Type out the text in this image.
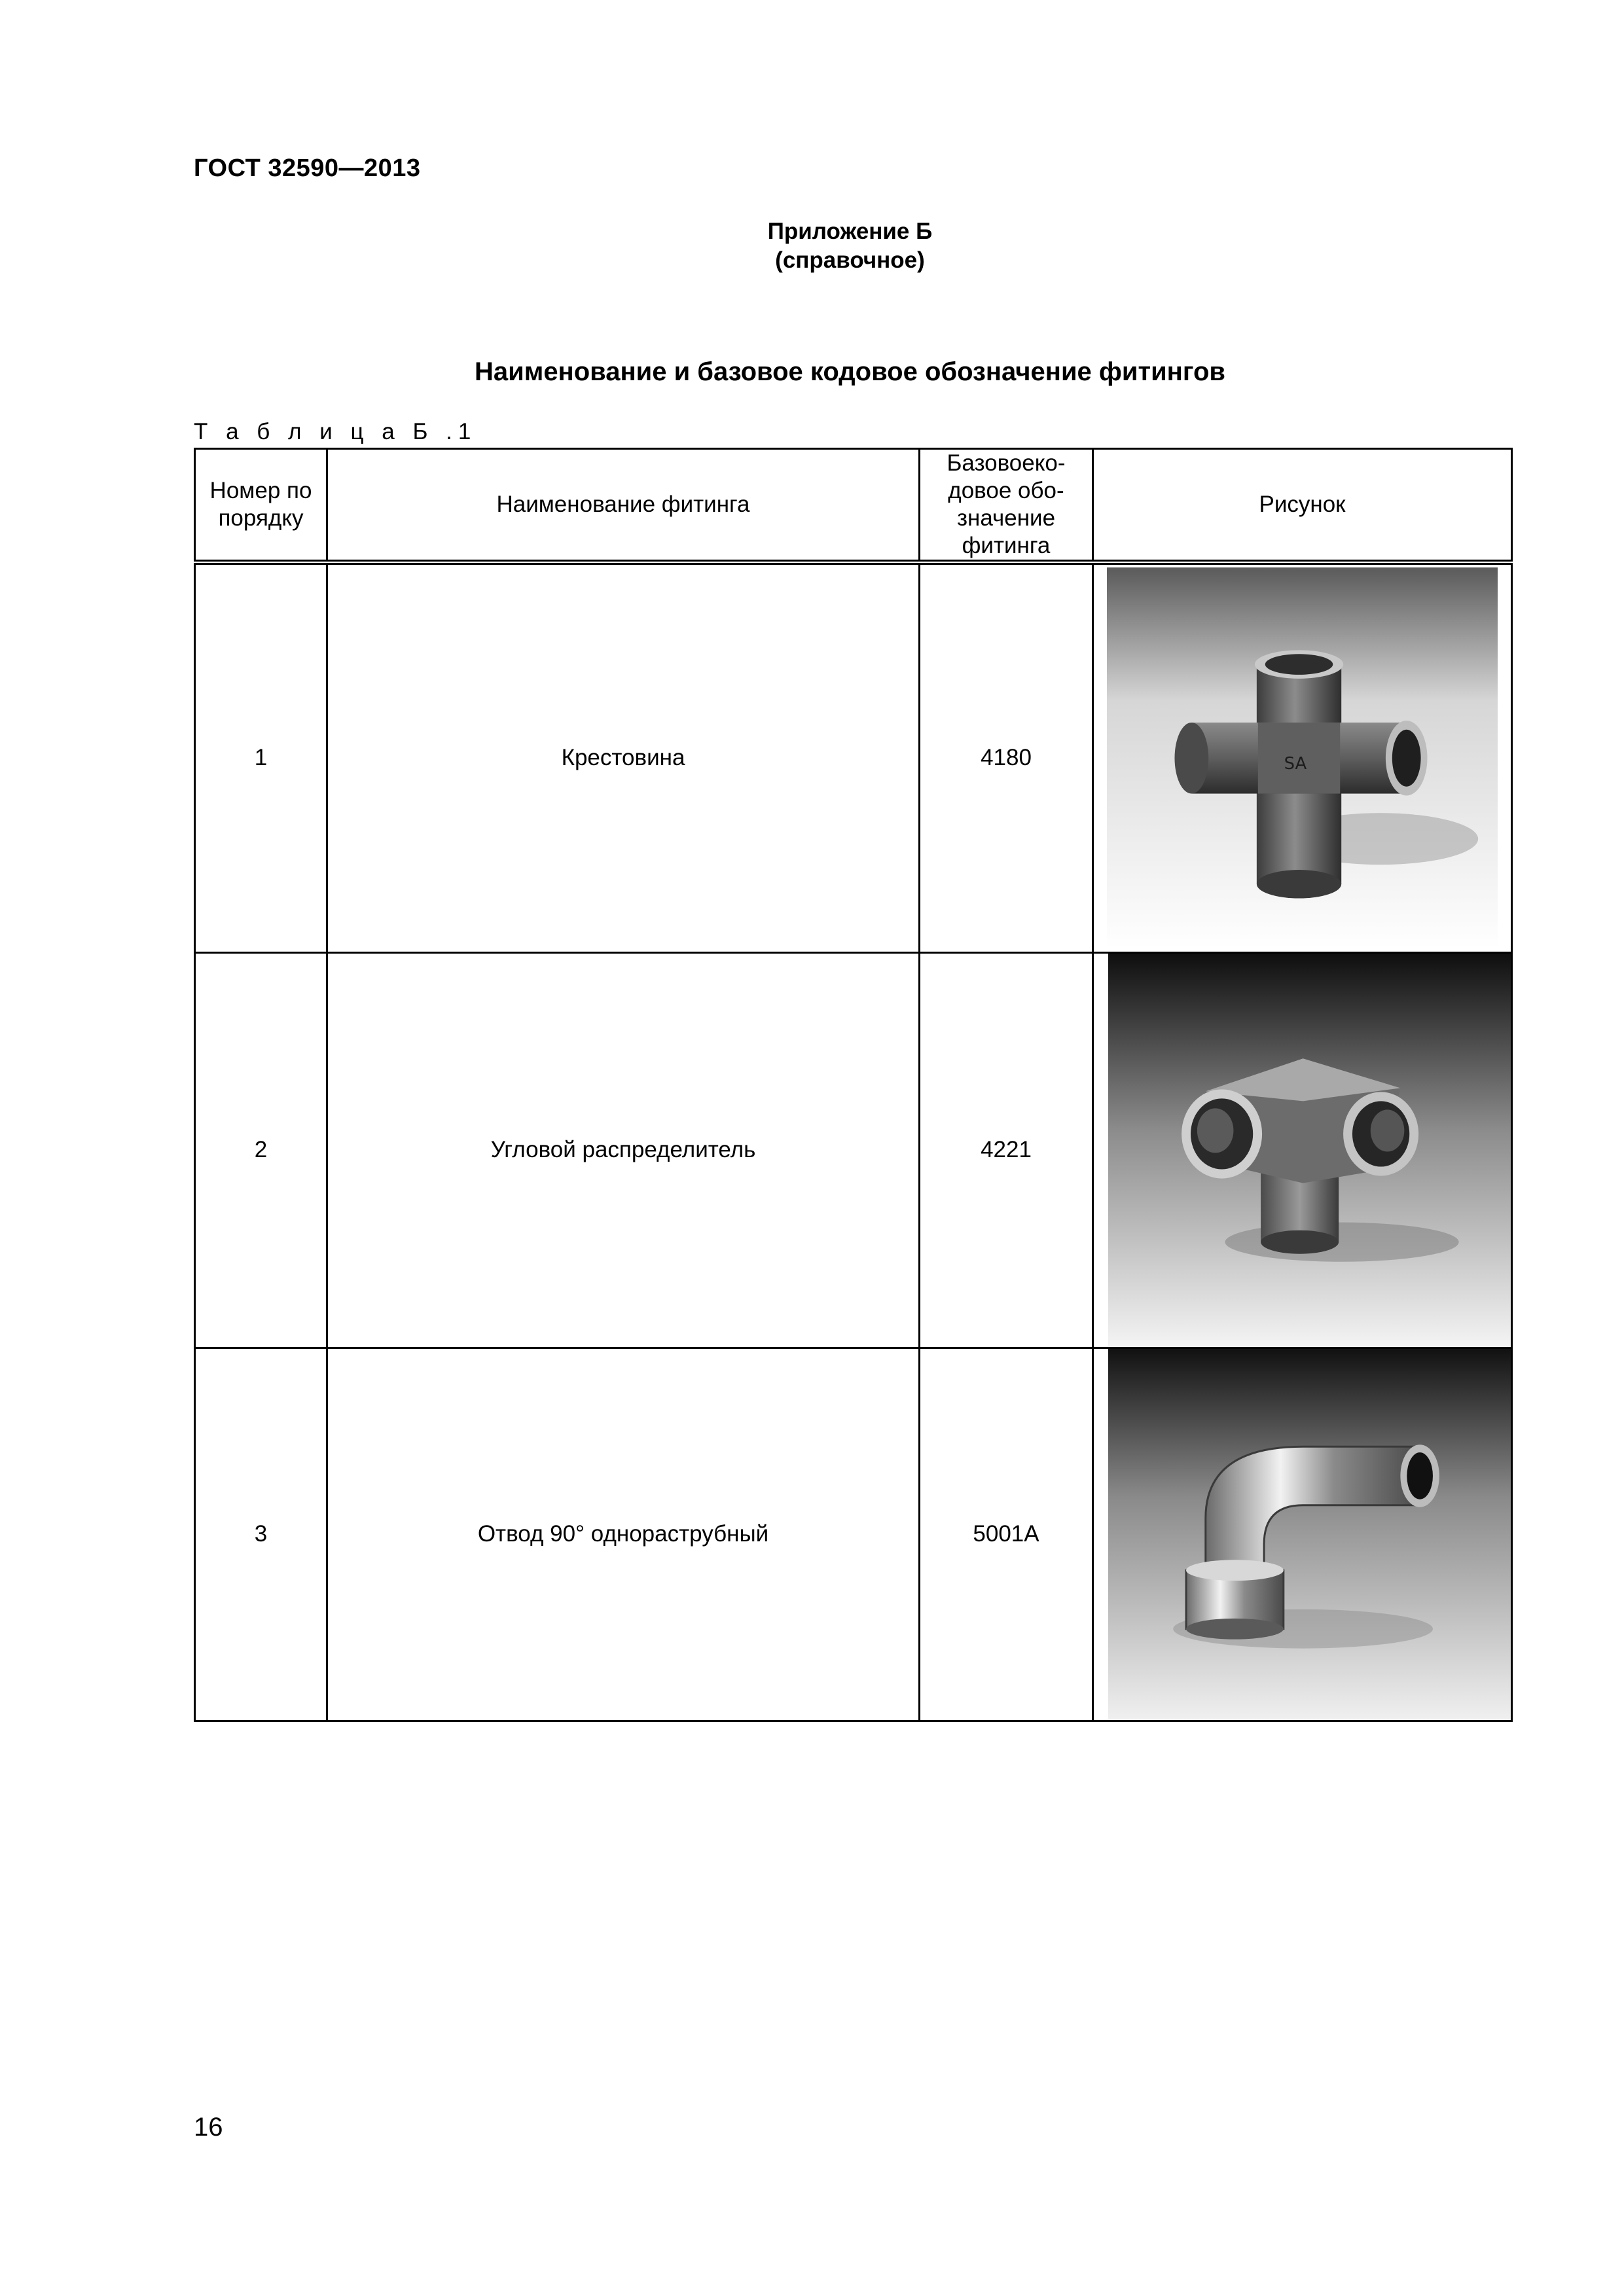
ГОСТ 32590—2013
Приложение Б
(справочное)
Наименование и базовое кодовое обозначение фитингов
Т а б л и ц а Б .1
Номер по порядку	Наименование фитинга	Базовоеко-довое обо-значение фитинга	Рисунок
1	Крестовина	4180	SA

2	Угловой распределитель	4221	

3	Отвод 90° однораструбный	5001A	
16
